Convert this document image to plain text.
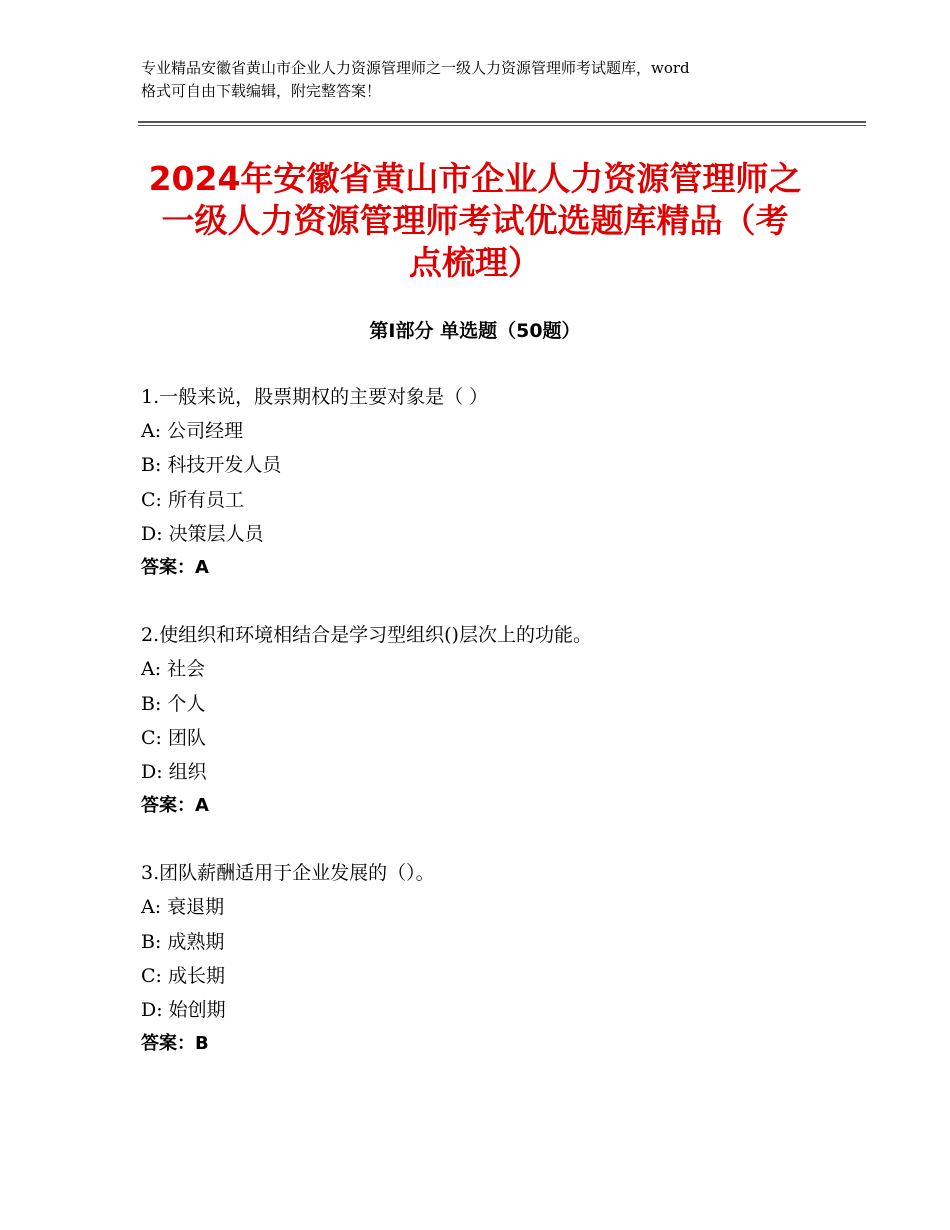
专业精品安徽省黄山市企业人力资源管理师之一级人力资源管理师考试题库，word
格式可自由下载编辑，附完整答案！
2024年安徽省黄山市企业人力资源管理师之
一级人力资源管理师考试优选题库精品（考
点梳理）
第Ⅰ部分 单选题（50题）
1.一般来说，股票期权的主要对象是（ ）
A: 公司经理
B: 科技开发人员
C: 所有员工
D: 决策层人员
答案：A
2.使组织和环境相结合是学习型组织()层次上的功能。
A: 社会
B: 个人
C: 团队
D: 组织
答案：A
3.团队薪酬适用于企业发展的（）。
A: 衰退期
B: 成熟期
C: 成长期
D: 始创期
答案：B
